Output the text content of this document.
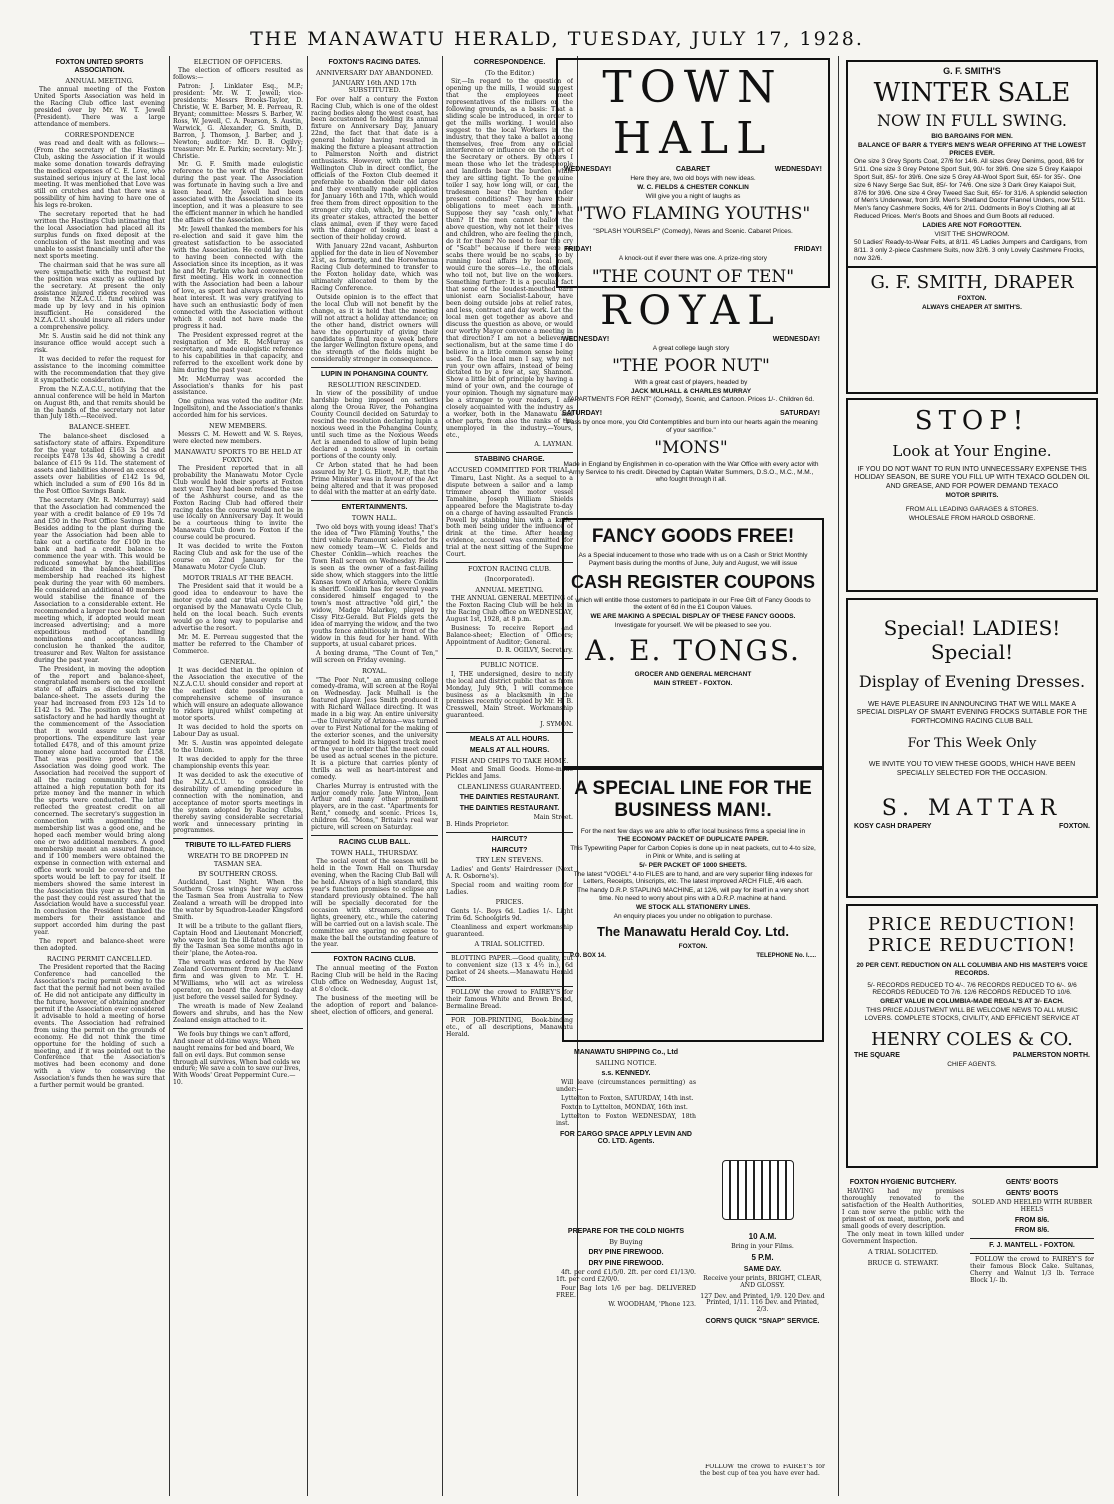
THE MANAWATU HERALD, TUESDAY, JULY 17, 1928.
FOXTON UNITED SPORTS ASSOCIATION.
ANNUAL MEETING.

The annual meeting of the Foxton United Sports Association was held in the Racing Club office last evening presided over by Mr. W. T. Jewell (President). There was a large attendance of members.

CORRESPONDENCE

was read and dealt with as follows:—(From the secretary of the Hastings Club, asking the Association if it would make some donation towards defraying the medical expenses of C. E. Love, who sustained serious injury at the last local meeting. It was mentioned that Love was still on crutches and that there was a possibility of him having to have one of his legs re-broken.

The secretary reported that he had written the Hastings Club intimating that the local Association had placed all its surplus funds on fixed deposit at the conclusion of the last meeting and was unable to assist financially until after the next sports meeting.

The chairman said that he was sure all were sympathetic with the request but the position was exactly as outlined by the secretary. At present the only assistance injured riders received was from the N.Z.A.C.U. fund which was made up by levy and in his opinion insufficient. He considered the N.Z.A.C.U. should insure all riders under a comprehensive policy.

Mr. S. Austin said he did not think any insurance office would accept such a risk.

It was decided to refer the request for assistance to the incoming committee with the recommendation that they give it sympathetic consideration.

From the N.Z.A.C.U., notifying that the annual conference will be held in Marton on August 8th, and that remits should be in the hands of the secretary not later than July 18th.—Received.

BALANCE-SHEET.

The balance-sheet disclosed a satisfactory state of affairs. Expenditure for the year totalled £163 3s 5d and receipts £478 13s 4d, showing a credit balance of £15 9s 11d. The statement of assets and liabilities showed an excess of assets over liabilities of £142 1s 9d, which included a sum of £90 16s 8d in the Post Office Savings Bank.

The secretary (Mr. R. McMurray) said that the Association had commenced the year with a credit balance of £9 19s 7d and £50 in the Post Office Savings Bank. Besides adding to the plant during the year the Association had been able to take out a certificate for £100 in the bank and had a credit balance to commence the year with. This would be reduced somewhat by the liabilities indicated in the balance-sheet. The membership had reached its highest peak during the year with 60 members. He considered an additional 40 members would stabilise the finance of the Association to a considerable extent. He recommended a larger race book for next meeting which, if adopted would mean increased advertising; and a more expeditious method of handling nominations and acceptances. In conclusion he thanked the auditor, treasurer and Rev. Walton for assistance during the past year.

The President, in moving the adoption of the report and balance-sheet, congratulated members on the excellent state of affairs as disclosed by the balance-sheet. The assets during the year had increased from £93 12s 1d to £142 1s 9d. The position was entirely satisfactory and he had hardly thought at the commencement of the Association that it would assure such large proportions. The expenditure last year totalled £478, and of this amount prize money alone had accounted for £158. That was positive proof that the Association was doing good work. The Association had received the support of all the racing community and had attained a high reputation both for its prize money and the manner in which the sports were conducted. The latter reflected the greatest credit on all concerned. The secretary's suggestion in connection with augmenting the membership list was a good one, and he hoped each member would bring along one or two additional members. A good membership meant an assured finance, and if 100 members were obtained the expense in connection with external and office work would be covered and the sports would be left to pay for itself. If members showed the same interest in the Association this year as they had in the past they could rest assured that the Association would have a successful year. In conclusion the President thanked the members for their assistance and support accorded him during the past year.

The report and balance-sheet were then adopted.

RACING PERMIT CANCELLED.

The President reported that the Racing Conference had cancelled the Association's racing permit owing to the fact that the permit had not been availed of. He did not anticipate any difficulty in the future, however, of obtaining another permit if the Association ever considered it advisable to hold a meeting of horse events. The Association had refrained from using the permit on the grounds of economy. He did not think the time opportune for the holding of such a meeting, and if it was pointed out to the Conference that the Association's motives had been economy and done with a view to conserving the Association's funds then he was sure that a further permit would be granted.

ELECTION OF OFFICERS.

The election of officers resulted as follows:—

Patron: J. Linklater Esq., M.P.; president: Mr. W. T. Jewell; vice-presidents: Messrs Brooks-Taylor, D. Christie, W. E. Barber, M. E. Perreau, R. Bryant; committee: Messrs S. Barber, W. Ross, W. Jewell, C. A. Pearson, S. Austin, Warwick, G. Alexander, G. Smith, D. Barron, J. Thomson, J. Barber, and J. Newton; auditor: Mr. D. B. Ogilvy; treasurer: Mr. E. Parkin; secretary: Mr. J. Christie.

Mr. G. F. Smith made eulogistic reference to the work of the President during the past year. The Association was fortunate in having such a live and keen head. Mr. Jewell had been associated with the Association since its inception, and it was a pleasure to see the efficient manner in which he handled the affairs of the Association.

Mr. Jewell thanked the members for his re-election and said it gave him the greatest satisfaction to be associated with the Association. He could lay claim to having been connected with the Association since its inception, as it was he and Mr. Parkin who had convened the first meeting. His work in connection with the Association had been a labour of love, as sport had always received his heat interest. It was very gratifying to have such an enthusiastic body of men connected with the Association without which it could not have made the progress it had.

The President expressed regret at the resignation of Mr. R. McMurray as secretary, and made eulogistic reference to his capabilities in that capacity, and referred to the excellent work done by him during the past year.

Mr. McMurray was accorded the Association's thanks for his past assistance.

One guinea was voted the auditor (Mr. Ingellsiton), and the Association's thanks accorded him for his services.

NEW MEMBERS.

Messrs C. M. Hewett and W. S. Reyes, were elected new members.

MANAWATU SPORTS TO BE HELD AT FOXTON.

The President reported that in all probability the Manawatu Motor Cycle Club would hold their sports at Foxton next year. They had been refused the use of the Ashhurst course, and as the Foxton Racing Club had offered their racing dates the course would not be in use locally on Anniversary Day. It would be a courteous thing to invite the Manawatu Club down to Foxton if the course could be procured.

It was decided to write the Foxton Racing Club and ask for the use of the course on 22nd January for the Manawatu Motor Cycle Club.

MOTOR TRIALS AT THE BEACH.

The President said that it would be a good idea to endeavour to have the motor cycle and car trial events to be organised by the Manawatu Cycle Club, held on the local beach. Such events would go a long way to popularise and advertise the resort.

Mr. M. E. Perreau suggested that the matter be referred to the Chamber of Commerce.

GENERAL.

It was decided that in the opinion of the Association the executive of the N.Z.A.C.U. should consider and report at the earliest date possible on a comprehensive scheme of insurance which will ensure an adequate allowance to riders injured whilst competing at motor sports.

It was decided to hold the sports on Labour Day as usual.

Mr. S. Austin was appointed delegate to the Union.

It was decided to apply for the three championship events this year.

It was decided to ask the executive of the N.Z.A.C.U. to consider the desirability of amending procedure in connection with the nomination, and acceptance of motor sports meetings in the system adopted by Racing Clubs, thereby saving considerable secretarial work and unnecessary printing in programmes.

TRIBUTE TO ILL-FATED FLIERS
WREATH TO BE DROPPED IN TASMAN SEA.
BY SOUTHERN CROSS.

Auckland, Last Night. When the Southern Cross wings her way across the Tasman Sea from Australia to New Zealand a wreath will be dropped into the water by Squadron-Leader Kingsford Smith.

It will be a tribute to the gallant fliers, Captain Hood and Lieutenant Moncrieff, who were lost in the ill-fated attempt to fly the Tasman Sea some months ago in their 'plane, the Aotea-roa.

The wreath was ordered by the New Zealand Government from an Auckland firm and was given to Mr. T. H. M'Williams, who will act as wireless operator, on board the Aorangi to-day just before the vessel sailed for Sydney.

The wreath is made of New Zealand flowers and shrubs, and has the New Zealand ensign attached to it.

We fools buy things we can't afford, And sneer at old-time ways; When naught remains for bed and board, We fall on evil days. But common sense through all survives, When bad colds we endure; We save a coin to save our lives, With Woods' Great Peppermint Cure.—10.

FOXTON'S RACING DATES.
ANNIVERSARY DAY ABANDONED.
JANUARY 16th AND 17th SUBSTITUTED.

For over half a century the Foxton Racing Club, which is one of the oldest racing bodies along the west coast, has been accustomed to holding its annual fixture on Anniversary Day, January 22nd, the fact that that date is a general holiday having resulted in making the fixture a pleasant attraction to Palmerston North and district enthusiasts. However, with the larger Wellington Club in direct conflict, the officials of the Foxton Club deemed it preferable to abandon their old dates and they eventually made application for January 16th and 17th, which would free them from direct opposition to the stronger city club, which, by reason of its greater stakes, attracted the better class animal, even if they were faced with the danger of losing at least a section of their holiday crowd.

With January 22nd vacant, Ashburton applied for the date in lieu of November 21st, as formerly, and the Horowhenua Racing Club determined to transfer to the Foxton holiday date, which was ultimately allocated to them by the Racing Conference.

Outside opinion is to the effect that the local Club will not benefit by the change, as it is held that the meeting will not attract a holiday attendance; on the other hand, district owners will have the opportunity of giving their candidates a final race a week before the larger Wellington fixture opens, and the strength of the fields might be considerably stronger in consequence.

LUPIN IN POHANGINA COUNTY.
RESOLUTION RESCINDED.

In view of the possibility of undue hardship being imposed on settlers along the Oroua River, the Pohangina County Council decided on Saturday to rescind the resolution declaring lupin a noxious weed in the Pohangina County, until such time as the Noxious Weeds Act is amended to allow of lupin being declared a noxious weed in certain portions of the county only.

Cr Arbon stated that he had been assured by Mr J. G. Eliott, M.P., that the Prime Minister was in favour of the Act being altered and that it was proposed to deal with the matter at an early date.

ENTERTAINMENTS.
TOWN HALL.

Two old boys with young ideas! That's the idea of "Two Flaming Youths," the third vehicle Paramount selected for its new comedy team—W. C. Fields and Chester Conklin—which reaches the Town Hall screen on Wednesday. Fields is seen as the owner of a fast-failing side show, which staggers into the little Kansas town of Arkonia, where Conklin is sheriff. Conklin has for several years considered himself engaged to the town's most attractive "old girl," the widow, Madge Malarkey, played by Cissy Fitz-Gerald. But Fields gets the idea of marrying the widow, and the two youths fence ambitiously in front of the widow in this feud for her hand. With supports, at usual cabaret prices.

A boxing drama, "The Count of Ten," will screen on Friday evening.

ROYAL.

"The Poor Nut," an amusing college comedy-drama, will screen at the Royal on Wednesday. Jack Mulhall is the featured player. Jess Smith produced it with Richard Wallace directing. It was made in a big way. An entire university —the University of Arizona—was turned over to First National for the making of the exterior scenes, and the university arranged to hold its biggest track meet of the year in order that the meet could be used as actual scenes in the picture. It is a picture that carries plenty of thrills as well as heart-interest and comedy.

Charles Murray is entrusted with the major comedy role. Jane Winton, Jean Arthur and many other prominent players, are in the cast. "Apartments for Rent," comedy, and scenic. Prices 1s, children 6d. "Mons," Britain's real war picture, will screen on Saturday.

RACING CLUB BALL.
TOWN HALL, THURSDAY.

The social event of the season will be held in the Town Hall on Thursday evening, when the Racing Club Ball will be held. Always of a high standard, this year's function promises to eclipse any standard previously obtained. The hall will be specially decorated for the occasion with streamers, coloured lights, greenery, etc., while the catering will be carried out on a lavish scale. The committee are sparing no expense to make the ball the outstanding feature of the year.

FOXTON RACING CLUB.

The annual meeting of the Foxton Racing Club will be held in the Racing Club office on Wednesday, August 1st, at 8 o'clock.

The business of the meeting will be the adoption of report and balance-sheet, election of officers, and general.

CORRESPONDENCE.
(To the Editor.)

Sir,—In regard to the question of opening up the mills, I would suggest that the employees meet representatives of the millers on the following grounds, as a basis: That a sliding scale be introduced, in order to get the mills working. I would also suggest to the local Workers in the industry, that they take a ballot among themselves, free from any official interference or influence on the part of the Secretary or others. By others I mean those who let the tradespeople and landlords bear the burden while they are sitting tight. To the genuine toiler I say, how long will, or can, the tradesmen bear the burden under present conditions? They have their obligations to meet each month. Suppose they say "cash only," what then? If the men cannot ballot the above question, why not let their wives and children, who are feeling the pinch, do it for them? No need to fear the cry of "Scab!" because if there were no scabs there would be no scabs, so by running local affairs by local men, would cure the sores—i.e., the officials who toil not, but live on the workers. Something further: It is a peculiar fact that some of the loudest-mouthed earn unionist earn Socialist-Labour, have been doing outside jobs at relief rates, and less, contract and day work. Let the local men get together as above and discuss the question as above, or would our worthy Mayor convene a meeting in that direction? I am not a believer in sectionalism, but at the same time I do believe in a little common sense being used. To the local men I say, why not run your own affairs, instead of being dictated to by a few at, say, Shannon. Show a little bit of principle by having a mind of your own, and the courage of your opinion. Though my signature may be a stranger to your readers, I am closely acquainted with the industry as a worker, both in the Manawatu and other parts, from also the ranks of the unemployed in the industry.—Yours, etc.,

A. LAYMAN.
STABBING CHARGE.
ACCUSED COMMITTED FOR TRIAL.

Timaru, Last Night. As a sequel to a dispute between a sailor and a lamp trimmer aboard the motor vessel Tamahine, Joseph William Shields appeared before the Magistrate to-day on a charge of having assaulted Francis Powell by stabbing him with a knife, both men being under the influence of drink at the time. After hearing evidence, accused was committed for trial at the next sitting of the Supreme Court.

FOXTON RACING CLUB.
(Incorporated).
ANNUAL MEETING.

THE ANNUAL GENERAL MEETING of the Foxton Racing Club will be held in the Racing Club office on WEDNESDAY, August 1st, 1928, at 8 p.m.

Business: To receive Report and Balance-sheet; Election of Officers; Appointment of Auditor; General.

D. R. OGILVY, Secretary.
PUBLIC NOTICE.

I, THE undersigned, desire to notify the local and district public that as from Monday, July 9th, I will commence business as a blacksmith in the premises recently occupied by Mr. H. B. Cresswell, Main Street. Workmanship guaranteed.

J. SYMON.
MEALS AT ALL HOURS.
MEALS AT ALL HOURS.
FISH AND CHIPS TO TAKE HOME.

Meat and Small Goods. Home-made Pickles and Jams.

CLEANLINESS GUARANTEED.
THE DAINTIES RESTAURANT.
THE DAINTIES RESTAURANT.
Main Street.
B. Hinds Proprietor.
HAIRCUT?
HAIRCUT?
TRY LEN STEVENS.

Ladies' and Gents' Hairdresser (Next A. R. Osborne's).

Special room and waiting room for Ladies.

PRICES.

Gents 1/-. Boys 6d. Ladies 1/-. Light Trim 6d. Schoolgirls 9d.

Cleanliness and expert workmanship guaranteed.

A TRIAL SOLICITED.

BLOTTING PAPER.—Good quality, cut to convenient size (13 x 4½ in.), 6d packet of 24 sheets.—Manawatu Herald Office.

FOLLOW the crowd to FAIREY'S for their famous White and Brown Bread, Bermaline Bread.

FOR JOB-PRINTING, Book-binding etc., of all descriptions, Manawatu Herald.

TOWN HALL
WEDNESDAY!	CABARET	WEDNESDAY!
Here they are, two old boys with new ideas.
W. C. FIELDS & CHESTER CONKLIN
Will give you a night of laughs as
"TWO FLAMING YOUTHS"
"SPLASH YOURSELF" (Comedy), News and Scenic. Cabaret Prices.
FRIDAY!	FRIDAY!
A knock-out if ever there was one. A prize-ring story
"THE COUNT OF TEN"
ROYAL
WEDNESDAY!	WEDNESDAY!
A great college laugh story
"THE POOR NUT"
With a great cast of players, headed by
JACK MULHALL & CHARLES MURRAY
"APARTMENTS FOR RENT" (Comedy), Scenic, and Cartoon. Prices 1/-. Children 6d.
SATURDAY!	SATURDAY!
"Pass by once more, you Old Contemptibles and burn into our hearts again the meaning of your sacrifice."
"MONS"
Made in England by Englishmen in co-operation with the War Office with every actor with Army Service to his credit. Directed by Captain Walter Summers, D.S.O., M.C., M.M., who fought through it all.
FANCY GOODS FREE!
As a Special inducement to those who trade with us on a Cash or Strict Monthly Payment basis during the months of June, July and August, we will issue
CASH REGISTER COUPONS
which will entitle those customers to participate in our Free Gift of Fancy Goods to the extent of 6d in the £1 Coupon Values.
WE ARE MAKING A SPECIAL DISPLAY OF THESE FANCY GOODS.
Investigate for yourself. We will be pleased to see you.
A. E. TONGS.
GROCER AND GENERAL MERCHANT
MAIN STREET - FOXTON.
A SPECIAL LINE FOR THE BUSINESS MAN!.
For the next few days we are able to offer local business firms a special line in
THE ECONOMY PACKET OF DUPLICATE PAPER.
This Typewriting Paper for Carbon Copies is done up in neat packets, cut to 4-to size, in Pink or White, and is selling at
5/- PER PACKET OF 1000 SHEETS.
The latest "VOGEL" 4-to FILES are to hand, and are very superior filing indexes for Letters, Receipts, Uniscripts, etc. The latest improved ARCH FILE, 4/6 each.
The handy D.R.P. STAPLING MACHINE, at 12/6, will pay for itself in a very short time. No need to worry about pins with a D.R.P. machine at hand.
WE STOCK ALL STATIONERY LINES.
An enquiry places you under no obligation to purchase.
The Manawatu Herald Coy. Ltd.
FOXTON.
P.O. BOX 14.	TELEPHONE No. I.....
MANAWATU SHIPPING Co., Ltd
SAILING NOTICE.
s.s. KENNEDY.

Will leave (circumstances permitting) as under:—

Lyttelton to Foxton, SATURDAY, 14th inst.

Foxton to Lyttelton, MONDAY, 16th inst.

Lyttelton to Foxton WEDNESDAY, 18th inst.

FOR CARGO SPACE APPLY LEVIN AND CO. LTD. Agents.
10 A.M.
Bring in your Films.
5 P.M.
SAME DAY.
Receive your prints, BRIGHT, CLEAR, AND GLOSSY.
127 Dev. and Printed, 1/9. 120 Dev. and Printed, 1/11. 116 Dev. and Printed, 2/3.
CORN'S QUICK "SNAP" SERVICE.
PREPARE FOR THE COLD NIGHTS
By Buying
DRY PINE FIREWOOD.
DRY PINE FIREWOOD.

4ft. per cord £1/5/0. 2ft. per cord £1/13/0. 1ft. per cord £2/0/0.

Four Bag lots 1/6 per bag. DELIVERED FREE.

W. WOODHAM, 'Phone 123.

FOLLOW the crowd to FAIREY'S for the best cup of tea you have ever had.

G. F. SMITH'S
WINTER SALE
NOW IN FULL SWING.
BIG BARGAINS FOR MEN.
BALANCE OF BARR & TYER'S MEN'S WEAR OFFERING AT THE LOWEST PRICES EVER.
One size 3 Grey Sports Coat, 27/6 for 14/6. All sizes Grey Denims, good, 8/6 for 5/11. One size 3 Grey Petone Sport Suit, 90/- for 39/6. One size 5 Grey Kaiapoi Sport Suit, 85/- for 39/6. One size 5 Grey All-Wool Sport Suit, 65/- for 35/-. One size 6 Navy Serge Sac Suit, 85/- for 74/6. One size 3 Dark Grey Kaiapoi Suit, 87/6 for 39/6. One size 4 Grey Tweed Sac Suit, 65/- for 31/6. A splendid selection of Men's Underwear, from 3/9. Men's Shetland Doctor Flannel Unders, now 5/11. Men's fancy Cashmere Socks, 4/6 for 2/11. Oddments in Boy's Clothing all at Reduced Prices. Men's Boots and Shoes and Gum Boots all reduced.
LADIES ARE NOT FORGOTTEN.
VISIT THE SHOWROOM.
50 Ladies' Ready-to-Wear Felts, at 8/11. 45 Ladies Jumpers and Cardigans, from 8/11. 3 only 2-piece Cashmere Suits, now 32/6. 3 only Lovely Cashmere Frocks, now 32/6.
G. F. SMITH, DRAPER
FOXTON.
ALWAYS CHEAPER AT SMITH'S.
STOP!
Look at Your Engine.
IF YOU DO NOT WANT TO RUN INTO UNNECESSARY EXPENSE THIS HOLIDAY SEASON, BE SURE YOU FILL UP WITH TEXACO GOLDEN OIL AND GREASE, AND FOR POWER DEMAND TEXACO
MOTOR SPIRITS.
FROM ALL LEADING GARAGES & STORES.
WHOLESALE FROM HAROLD OSBORNE.
Special! LADIES! Special!
Display of Evening Dresses.
WE HAVE PLEASURE IN ANNOUNCING THAT WE WILL MAKE A SPECIAL DISPLAY OF SMART EVENING FROCKS SUITABLE FOR THE FORTHCOMING RACING CLUB BALL
For This Week Only
WE INVITE YOU TO VIEW THESE GOODS, WHICH HAVE BEEN SPECIALLY SELECTED FOR THE OCCASION.
S. MATTAR
KOSY CASH DRAPERY	FOXTON.
PRICE REDUCTION!
PRICE REDUCTION!
20 PER CENT. REDUCTION ON ALL COLUMBIA AND HIS MASTER'S VOICE RECORDS.
5/- RECORDS REDUCED TO 4/-. 7/6 RECORDS REDUCED TO 6/-. 9/6 RECORDS REDUCED TO 7/6. 12/6 RECORDS REDUCED TO 10/6.
GREAT VALUE IN COLUMBIA-MADE REGAL'S AT 3/- EACH.
THIS PRICE ADJUSTMENT WILL BE WELCOME NEWS TO ALL MUSIC LOVERS. COMPLETE STOCKS, CIVILITY, AND EFFICIENT SERVICE AT
HENRY COLES & CO.
THE SQUARE	PALMERSTON NORTH.
CHIEF AGENTS.
FOXTON HYGIENIC BUTCHERY.

HAVING had my premises thoroughly renovated to the satisfaction of the Health Authorities, I can now serve the public with the primest of ox meat, mutton, pork and small goods of every description.

The only meat in town killed under Government Inspection.

A TRIAL SOLICITED.
BRUCE G. STEWART.
GENTS' BOOTS
GENTS' BOOTS
SOLED AND HEELED WITH RUBBER HEELS
FROM 8/6.
FROM 8/6.
F. J. MANTELL - FOXTON.

FOLLOW the crowd to FAIREY'S for their famous Block Cake. Sultanas, Cherry and Walnut 1/3 lb. Terrace Block 1/- lb.
